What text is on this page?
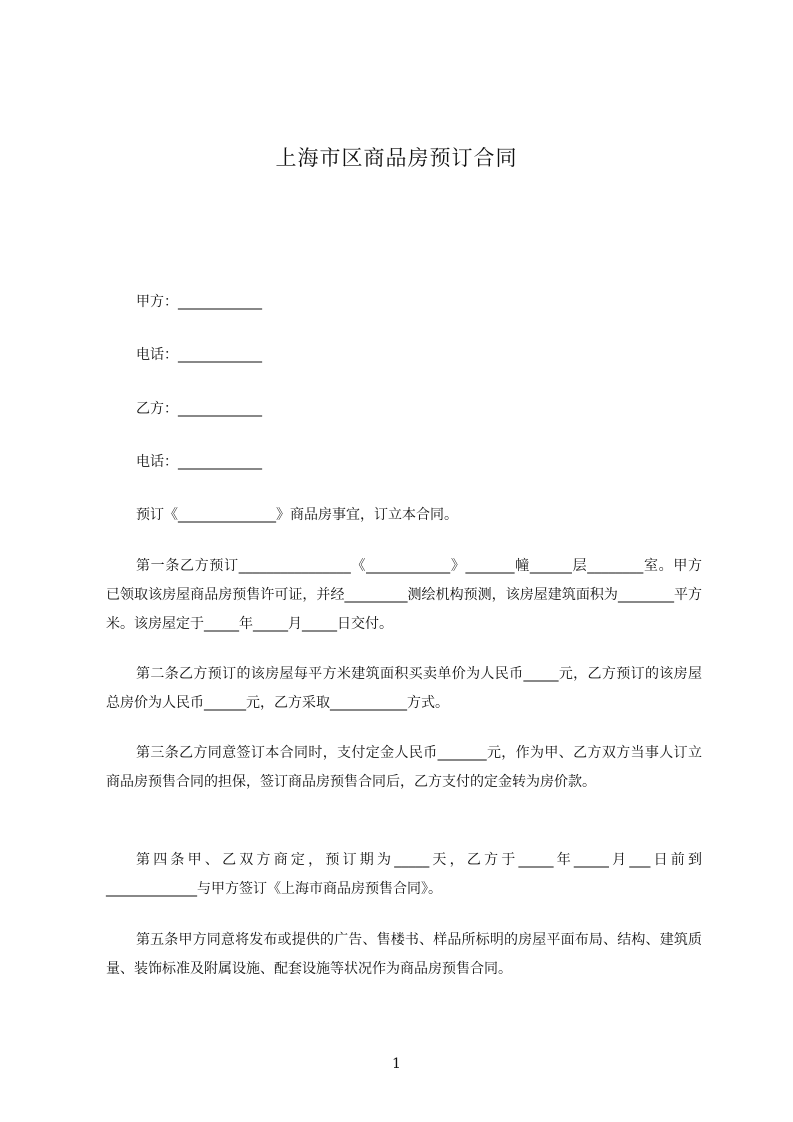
上海市区商品房预订合同
甲方：____________
电话：____________
乙方：____________
电话：____________
预订《______________》商品房事宜，订立本合同。
第一条乙方预订________________《____________》_______幢______层________室。甲方已领取该房屋商品房预售许可证，并经_________测绘机构预测，该房屋建筑面积为________平方米。该房屋定于_____年_____月_____日交付。
第二条乙方预订的该房屋每平方米建筑面积买卖单价为人民币_____元，乙方预订的该房屋总房价为人民币______元，乙方采取___________方式。
第三条乙方同意签订本合同时，支付定金人民币_______元，作为甲、乙方双方当事人订立商品房预售合同的担保，签订商品房预售合同后，乙方支付的定金转为房价款。
第四条甲、乙双方商定，预订期为_____天，乙方于_____年_____月___日前到_____________与甲方签订《上海市商品房预售合同》。
第五条甲方同意将发布或提供的广告、售楼书、样品所标明的房屋平面布局、结构、建筑质量、装饰标准及附属设施、配套设施等状况作为商品房预售合同。
1
